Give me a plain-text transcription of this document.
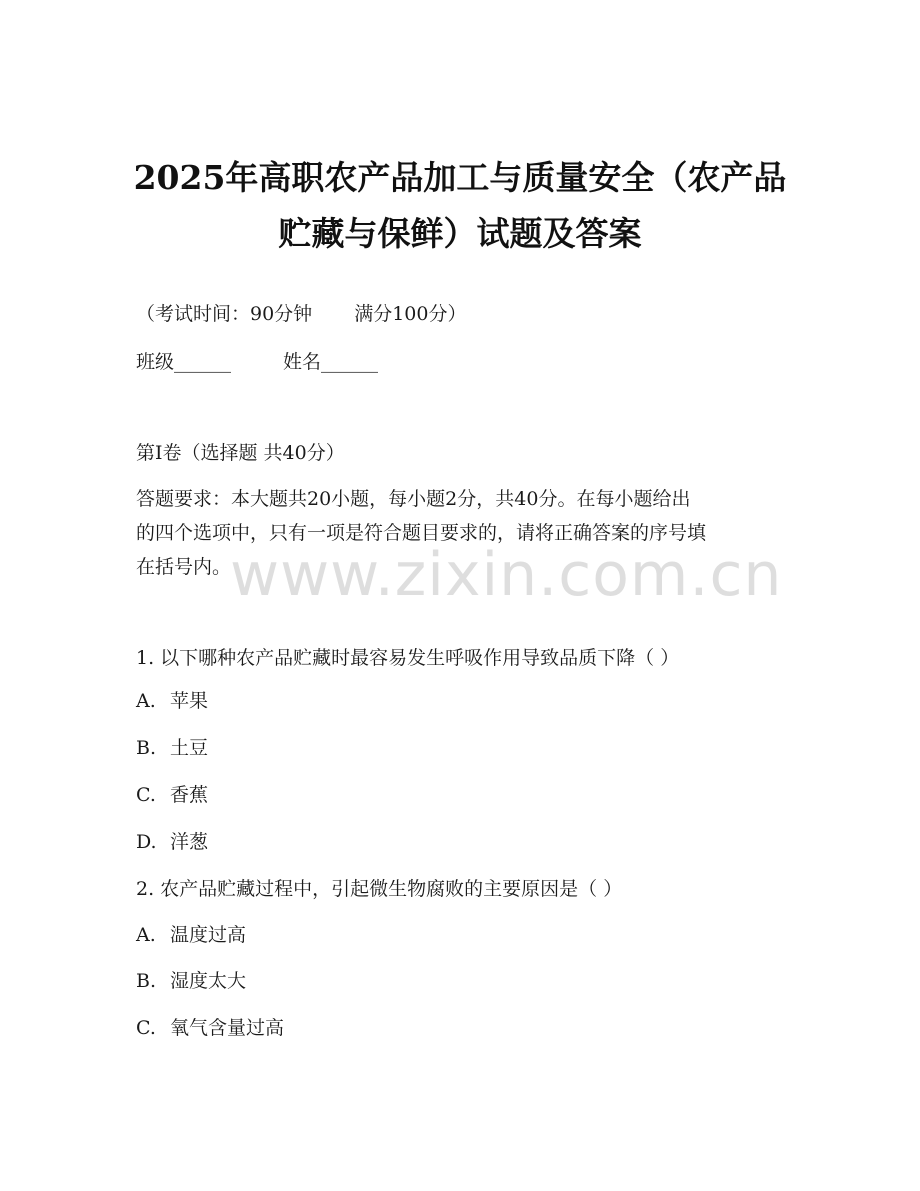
2025年高职农产品加工与质量安全（农产品
贮藏与保鲜）试题及答案
（考试时间：90分钟 满分100分）
班级______	姓名______
第I卷（选择题 共40分）
答题要求：本大题共20小题，每小题2分，共40分。在每小题给出
的四个选项中，只有一项是符合题目要求的，请将正确答案的序号填
在括号内。
1. 以下哪种农产品贮藏时最容易发生呼吸作用导致品质下降（ ）
A. 苹果
B. 土豆
C. 香蕉
D. 洋葱
2. 农产品贮藏过程中，引起微生物腐败的主要原因是（ ）
A. 温度过高
B. 湿度太大
C. 氧气含量过高
www.zixin.com.cn
